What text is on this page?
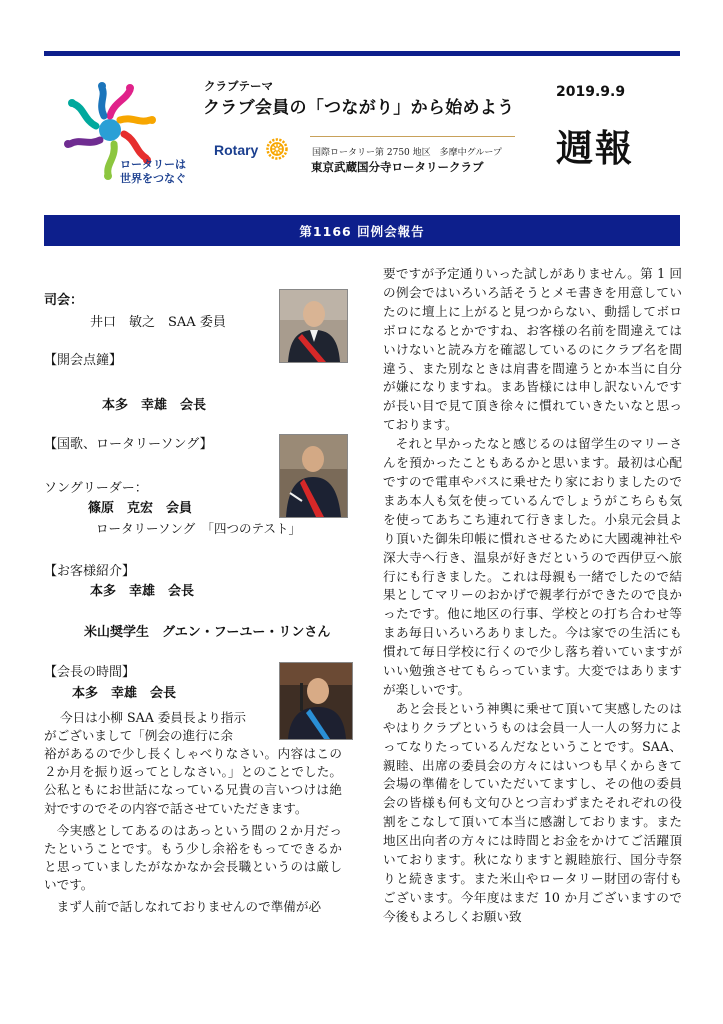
ロータリーは
世界をつなぐ
クラブテーマ
クラブ会員の「つながり」から始めよう
2019.9.9
週報
Rotary	国際ロータリー第 2750 地区　多摩中グループ
東京武蔵国分寺ロータリークラブ
第1166 回例会報告
司会：
井口　敏之　SAA 委員
【開会点鐘】
本多　幸雄　会長
【国歌、ロータリーソング】
ソングリーダー：
篠原　克宏　会員
ロータリーソング　「四つのテスト」
【お客様紹介】
本多　幸雄　会長
米山奨学生　グエン・フーユー・リンさん
【会長の時間】
本多　幸雄　会長
今日は小柳 SAA 委員長より指示
がございまして「例会の進行に余

裕があるので少し長くしゃべりなさい。内容はこの２か月を振り返ってとしなさい。」とのことでした。公私ともにお世話になっている兄貴の言いつけは絶対ですのでその内容で話させていただきます。

今実感としてあるのはあっという間の２か月だったということです。もう少し余裕をもってできるかと思っていましたがなかなか会長職というのは厳しいです。

まず人前で話しなれておりませんので準備が必

要ですが予定通りいった試しがありません。第 1 回の例会ではいろいろ話そうとメモ書きを用意していたのに壇上に上がると見つからない、動揺してボロボロになるとかですね、お客様の名前を間違えてはいけないと読み方を確認しているのにクラブ名を間違う、また別なときは肩書を間違うとか本当に自分が嫌になりますね。まあ皆様には申し訳ないんですが長い目で見て頂き徐々に慣れていきたいなと思っております。

それと早かったなと感じるのは留学生のマリーさんを預かったこともあるかと思います。最初は心配ですので電車やバスに乗せたり家におりましたのでまあ本人も気を使っているんでしょうがこちらも気を使ってあちこち連れて行きました。小泉元会員より頂いた御朱印帳に慣れさせるために大國魂神社や深大寺へ行き、温泉が好きだというので西伊豆へ旅行にも行きました。これは母親も一緒でしたので結果としてマリーのおかげで親孝行ができたので良かったです。他に地区の行事、学校との打ち合わせ等まあ毎日いろいろありました。今は家での生活にも慣れて毎日学校に行くので少し落ち着いていますがいい勉強させてもらっています。大変ではありますが楽しいです。

あと会長という神輿に乗せて頂いて実感したのはやはりクラブというものは会員一人一人の努力によってなりたっているんだなということです。SAA、親睦、出席の委員会の方々にはいつも早くからきて会場の準備をしていただいてますし、その他の委員会の皆様も何も文句ひとつ言わずまたそれぞれの役割をこなして頂いて本当に感謝しております。また地区出向者の方々には時間とお金をかけてご活躍頂いております。秋になりますと親睦旅行、国分寺祭りと続きます。また米山やロータリー財団の寄付もございます。今年度はまだ 10 か月ございますので今後もよろしくお願い致
